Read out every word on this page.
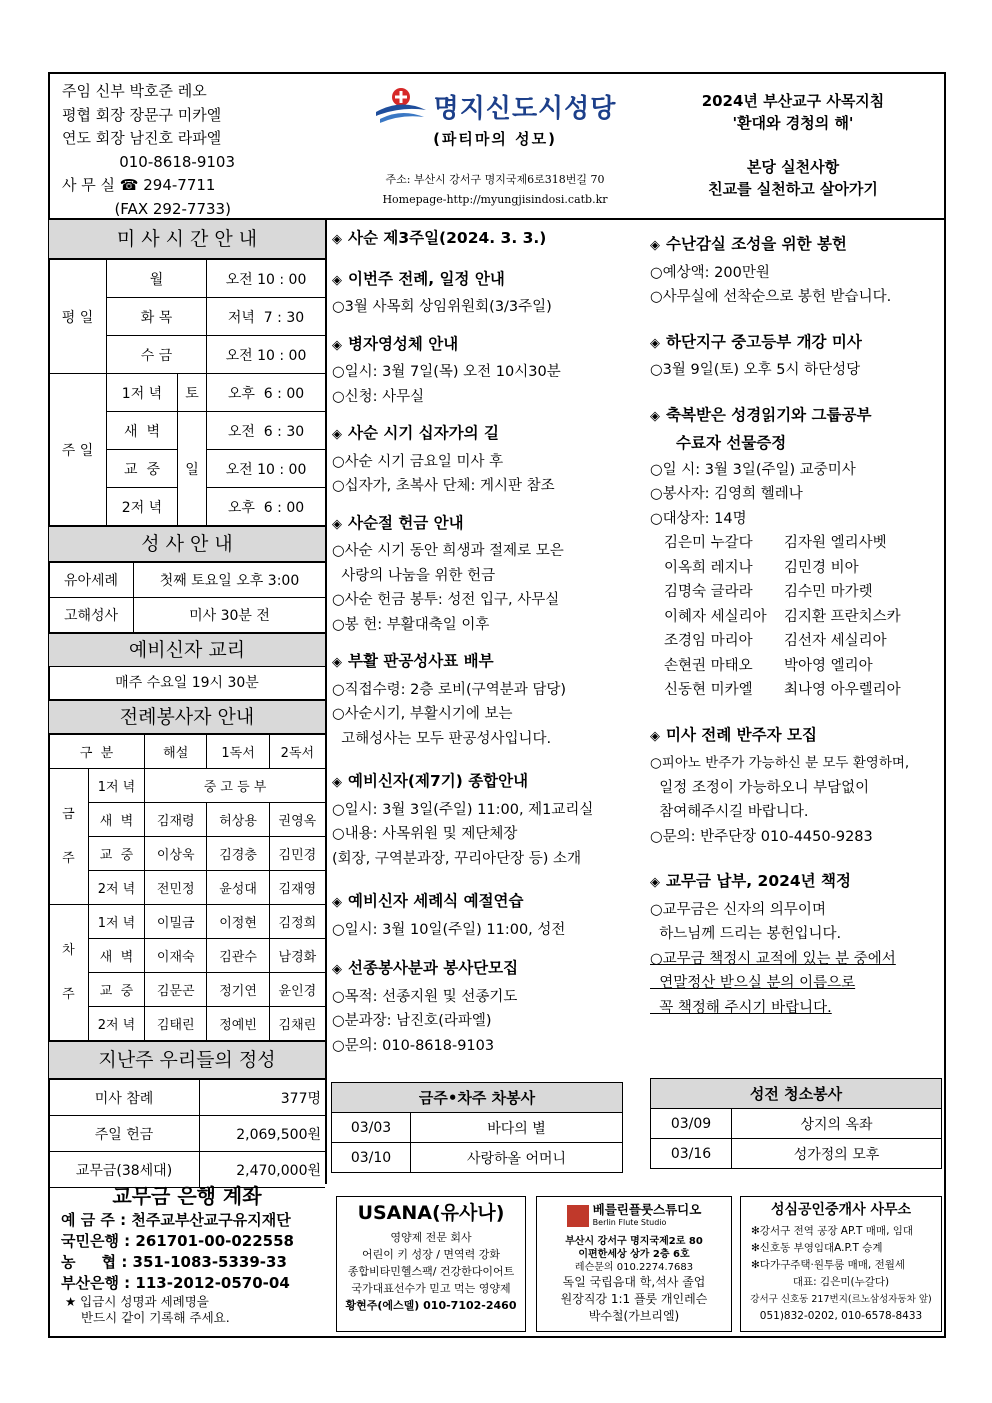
주임 신부 박호준 레오
평협 회장 장문구 미카엘
연도 회장 남진호 라파엘
010-8618-9103
사 무 실 ☎ 294-7711
(FAX 292-7733)
명지신도시성당
(파티마의 성모)
주소: 부산시 강서구 명지국제6로318번길 70
Homepage-http://myungjisindosi.catb.kr
2024년 부산교구 사목지침
'환대와 경청의 해'
본당 실천사항
친교를 실천하고 살아가기
미 사 시 간 안 내
평 일	월		오전 10 : 00
	화 목		저녁  7 : 30
	수 금		오전 10 : 00
주 일	1저 녁	토	오후  6 : 00
	새  벽	일	오전  6 : 30
	교  중		오전 10 : 00
	2저 녁		오후  6 : 00
성 사 안 내
유아세례	첫째 토요일 오후 3:00
고해성사	미사 30분 전
예비신자 교리
매주 수요일 19시 30분
전례봉사자 안내
구  분		해설	1독서	2독서
금
주	1저 녁	중 고 등 부		
	새  벽	김재령	허상용	권영옥
	교  중	이상욱	김경충	김민경
	2저 녁	전민정	윤성대	김재영
차
주	1저 녁	이밀금	이정현	김정희
	새  벽	이재숙	김관수	남경화
	교  중	김문곤	정기연	윤인경
	2저 녁	김태린	정예빈	김채린
지난주 우리들의 정성
미사 참례	377명
주일 헌금	2,069,500원
교무금(38세대)	2,470,000원
교무금 은행 계좌
예 금 주 : 천주교부산교구유지재단
국민은행 : 261701-00-022558
농     협 : 351-1083-5339-33
부산은행 : 113-2012-0570-04
★ 입금시 성명과 세례명을
반드시 같이 기록해 주세요.
◈ 사순 제3주일(2024. 3. 3.)
◈ 이번주 전례, 일정 안내
○3월 사목회 상임위원회(3/3주일)
◈ 병자영성체 안내
○일시: 3월 7일(목) 오전 10시30분
○신청: 사무실
◈ 사순 시기 십자가의 길
○사순 시기 금요일 미사 후
○십자가, 초복사 단체: 게시판 참조
◈ 사순절 헌금 안내
○사순 시기 동안 희생과 절제로 모은
사랑의 나눔을 위한 헌금
○사순 헌금 봉투: 성전 입구, 사무실
○봉 헌: 부활대축일 이후
◈ 부활 판공성사표 배부
○직접수령: 2층 로비(구역분과 담당)
○사순시기, 부활시기에 보는
고해성사는 모두 판공성사입니다.
◈ 예비신자(제7기) 종합안내
○일시: 3월 3일(주일) 11:00, 제1교리실
○내용: 사목위원 및 제단체장
(회장, 구역분과장, 꾸리아단장 등) 소개
◈ 예비신자 세례식 예절연습
○일시: 3월 10일(주일) 11:00, 성전
◈ 선종봉사분과 봉사단모집
○목적: 선종지원 및 선종기도
○분과장: 남진호(라파엘)
○문의: 010-8618-9103
◈ 수난감실 조성을 위한 봉헌
○예상액: 200만원
○사무실에 선착순으로 봉헌 받습니다.
◈ 하단지구 중고등부 개강 미사
○3월 9일(토) 오후 5시 하단성당
◈ 축복받은 성경읽기와 그룹공부
수료자 선물증정
○일 시: 3월 3일(주일) 교중미사
○봉사자: 김영희 헬레나
○대상자: 14명
김은미 누갈다	김자원 엘리사벳
이옥희 레지나	김민경 비아
김명숙 글라라	김수민 마가렛
이혜자 세실리아	김지환 프란치스카
조경임 마리아	김선자 세실리아
손현권 마태오	박아영 엘리아
신동현 미카엘	최나영 아우렐리아
◈ 미사 전례 반주자 모집
○피아노 반주가 가능하신 분 모두 환영하며,
일정 조정이 가능하오니 부담없이
참여해주시길 바랍니다.
○문의: 반주단장 010-4450-9283
◈ 교무금 납부, 2024년 책정
○교무금은 신자의 의무이며
하느님께 드리는 봉헌입니다.
○교무금 책정시 교적에 있는 분 중에서
연말정산 받으실 분의 이름으로
꼭 책정해 주시기 바랍니다.
금주•차주 차봉사	
03/03	바다의 별
03/10	사랑하올 어머니
성전 청소봉사	
03/09	상지의 옥좌
03/16	성가정의 모후
USANA(유사나)
영양제 전문 회사
어린이 키 성장 / 면역력 강화
종합비타민헬스팩/ 건강한다이어트
국가대표선수가 믿고 먹는 영양제
황현주(에스델) 010-7102-2460
베를린플룻스튜디오
Berlin Flute Studio
부산시 강서구 명지국제2로 80
이편한세상 상가 2층 6호
레슨문의 010.2274.7683
독일 국립음대 학,석사 졸업
원장직강 1:1 플룻 개인레슨
박수철(가브리엘)
성심공인중개사 사무소
✻강서구 전역 공장 AP.T 매매, 임대
✻신호동 부영임대A.P.T 승계
✻다가구주택·원투룸 매매, 전월세
대표: 김은미(누갈다)
강서구 신호동 217번지(르노삼성자동차 앞)
051)832-0202, 010-6578-8433
